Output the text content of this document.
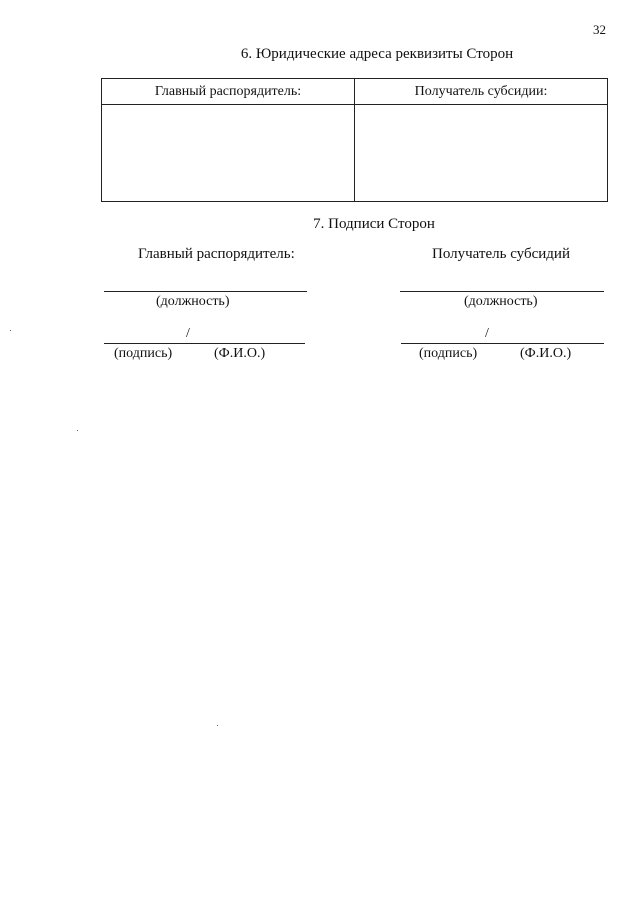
32
6. Юридические адреса реквизиты Сторон
Главный распорядитель:	Получатель субсидии:
7. Подписи Сторон
Главный распорядитель:	Получатель субсидий
(должность)	(должность)
/	/
(подпись)	(Ф.И.О.)	(подпись)	(Ф.И.О.)
